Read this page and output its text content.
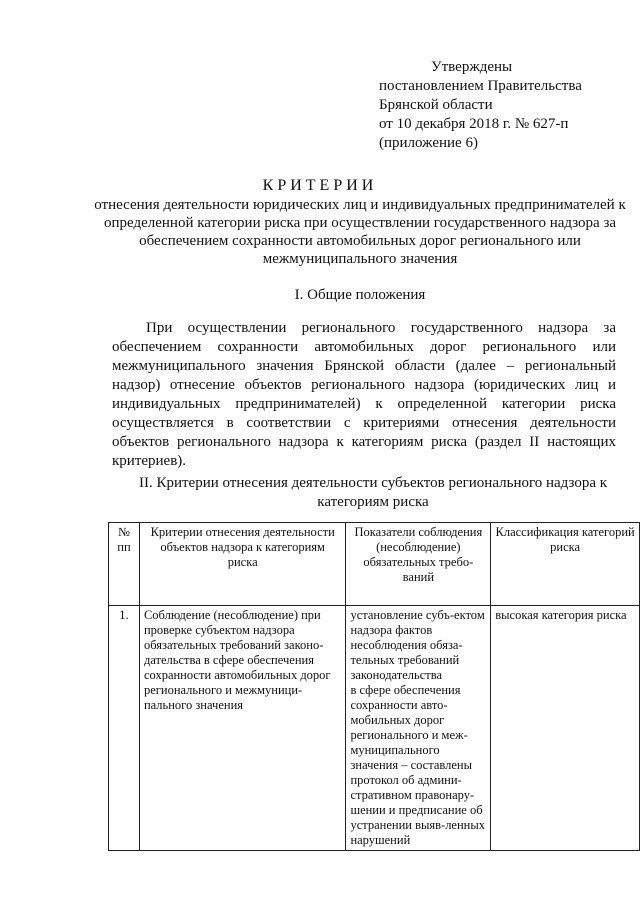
Утверждены
постановлением Правительства
Брянской области
от 10 декабря 2018 г. № 627-п
(приложение 6)
КРИТЕРИИ
отнесения деятельности юридических лиц и индивидуальных предпринимателей к определенной категории риска при осуществлении государственного надзора за обеспечением сохранности автомобильных дорог регионального или межмуниципального значения
I. Общие положения
При осуществлении регионального государственного надзора за обеспечением сохранности автомобильных дорог регионального или межмуниципального значения Брянской области (далее – региональный надзор) отнесение объектов регионального надзора (юридических лиц и индивидуальных предпринимателей) к определенной категории риска осуществляется в соответствии с критериями отнесения деятельности объектов регионального надзора к категориям риска (раздел II настоящих критериев).
II. Критерии отнесения деятельности субъектов регионального надзора к категориям риска
№
пп	Критерии отнесения деятельности объектов надзора к категориям риска	Показатели соблюдения (несоблюдение) обязательных требо-ваний	Классификация категорий риска
1.	Соблюдение (несоблюдение) при проверке субъектом надзора обязательных требований законо-дательства в сфере обеспечения сохранности автомобильных дорог регионального и межмуници-пального значения	установление субъ-ектом надзора фактов несоблюдения обяза-тельных требований законодательства
в сфере обеспечения сохранности авто-мобильных дорог регионального и меж-муниципального значения – составлены протокол об админи-стративном правонару-шении и предписание об устранении выяв-ленных нарушений	высокая категория риска
